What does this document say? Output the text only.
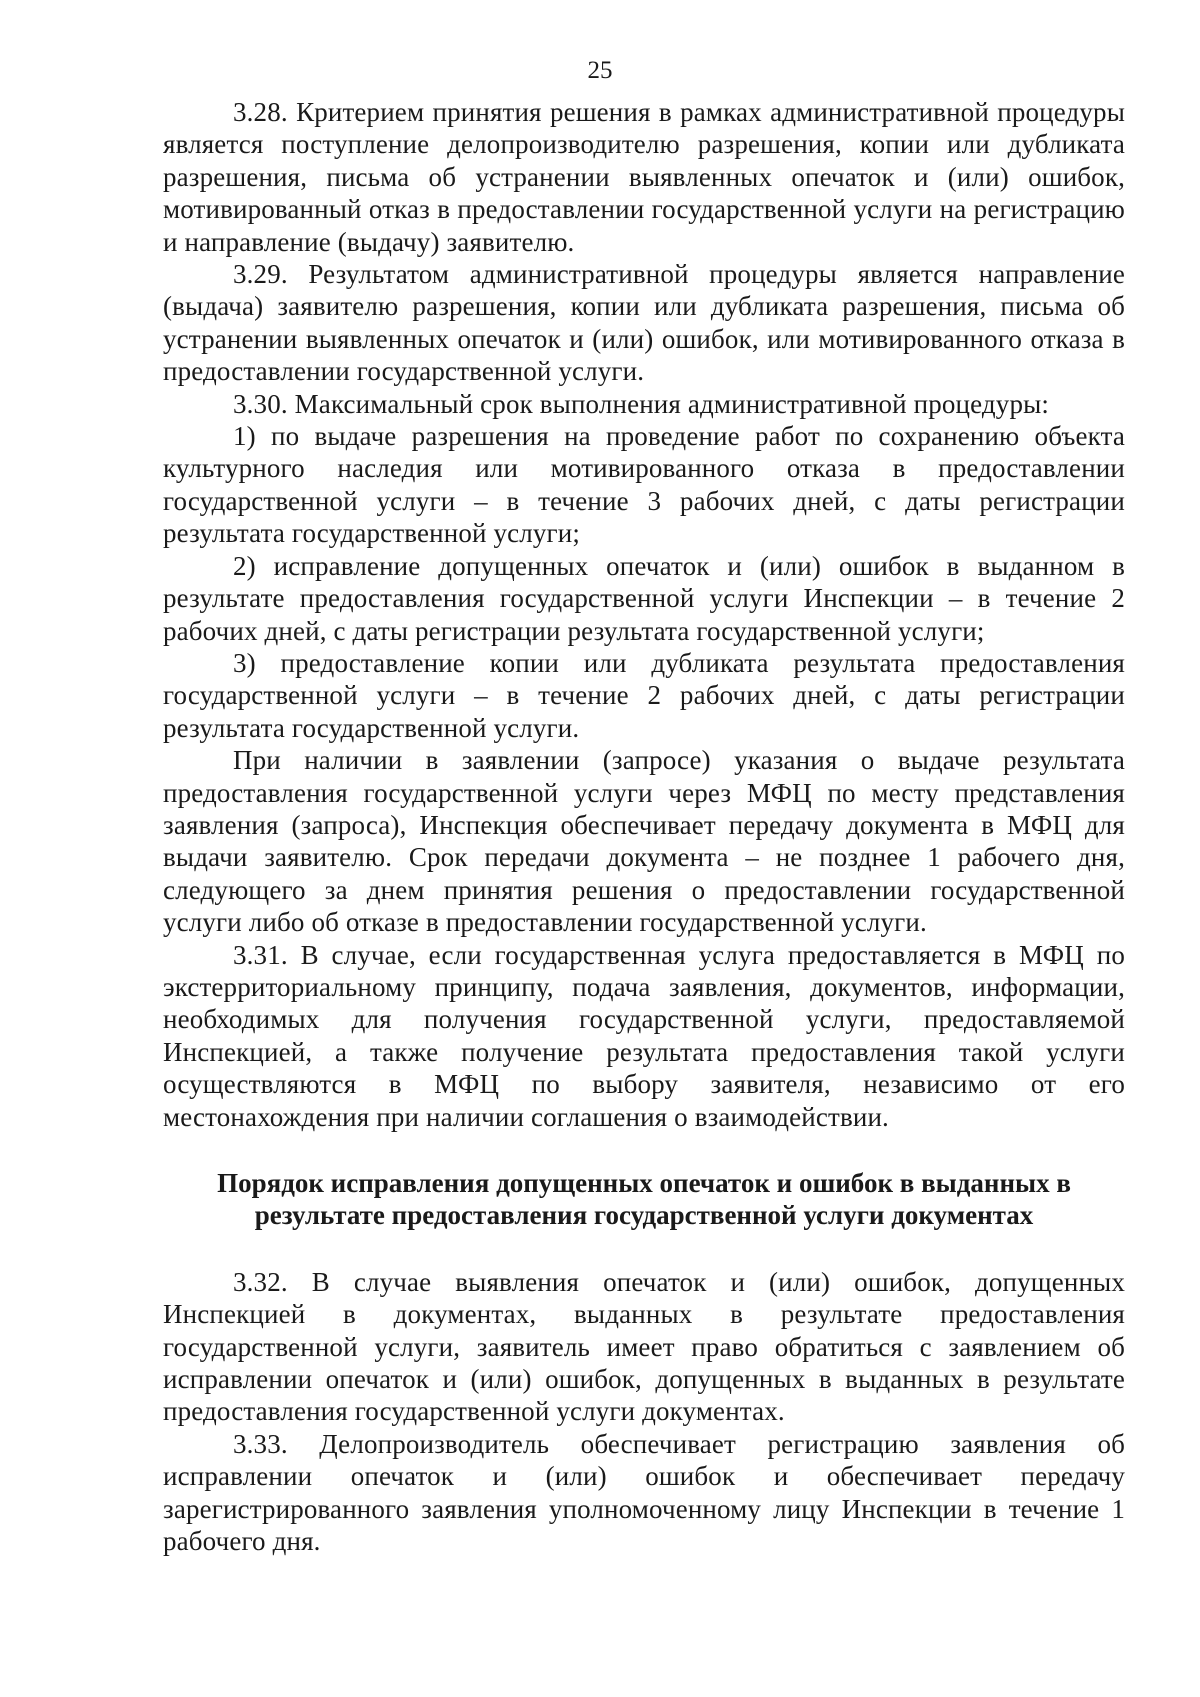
25

3.28. Критерием принятия решения в рамках административной процедуры является поступление делопроизводителю разрешения, копии или дубликата разрешения, письма об устранении выявленных опечаток и (или) ошибок, мотивированный отказ в предоставлении государственной услуги на регистрацию и направление (выдачу) заявителю.

3.29. Результатом административной процедуры является направление (выдача) заявителю разрешения, копии или дубликата разрешения, письма об устранении выявленных опечаток и (или) ошибок, или мотивированного отказа в предоставлении государственной услуги.

3.30. Максимальный срок выполнения административной процедуры:

1) по выдаче разрешения на проведение работ по сохранению объекта культурного наследия или мотивированного отказа в предоставлении государственной услуги – в течение 3 рабочих дней, с даты регистрации результата государственной услуги;

2) исправление допущенных опечаток и (или) ошибок в выданном в результате предоставления государственной услуги Инспекции – в течение 2 рабочих дней, с даты регистрации результата государственной услуги;

3) предоставление копии или дубликата результата предоставления государственной услуги – в течение 2 рабочих дней, с даты регистрации результата государственной услуги.

При наличии в заявлении (запросе) указания о выдаче результата предоставления государственной услуги через МФЦ по месту представления заявления (запроса), Инспекция обеспечивает передачу документа в МФЦ для выдачи заявителю. Срок передачи документа – не позднее 1 рабочего дня, следующего за днем принятия решения о предоставлении государственной услуги либо об отказе в предоставлении государственной услуги.

3.31. В случае, если государственная услуга предоставляется в МФЦ по экстерриториальному принципу, подача заявления, документов, информации, необходимых для получения государственной услуги, предоставляемой Инспекцией, а также получение результата предоставления такой услуги осуществляются в МФЦ по выбору заявителя, независимо от его местонахождения при наличии соглашения о взаимодействии.

Порядок исправления допущенных опечаток и ошибок в выданных в результате предоставления государственной услуги документах

3.32. В случае выявления опечаток и (или) ошибок, допущенных Инспекцией в документах, выданных в результате предоставления государственной услуги, заявитель имеет право обратиться с заявлением об исправлении опечаток и (или) ошибок, допущенных в выданных в результате предоставления государственной услуги документах.

3.33. Делопроизводитель обеспечивает регистрацию заявления об исправлении опечаток и (или) ошибок и обеспечивает передачу зарегистрированного заявления уполномоченному лицу Инспекции в течение 1 рабочего дня.
